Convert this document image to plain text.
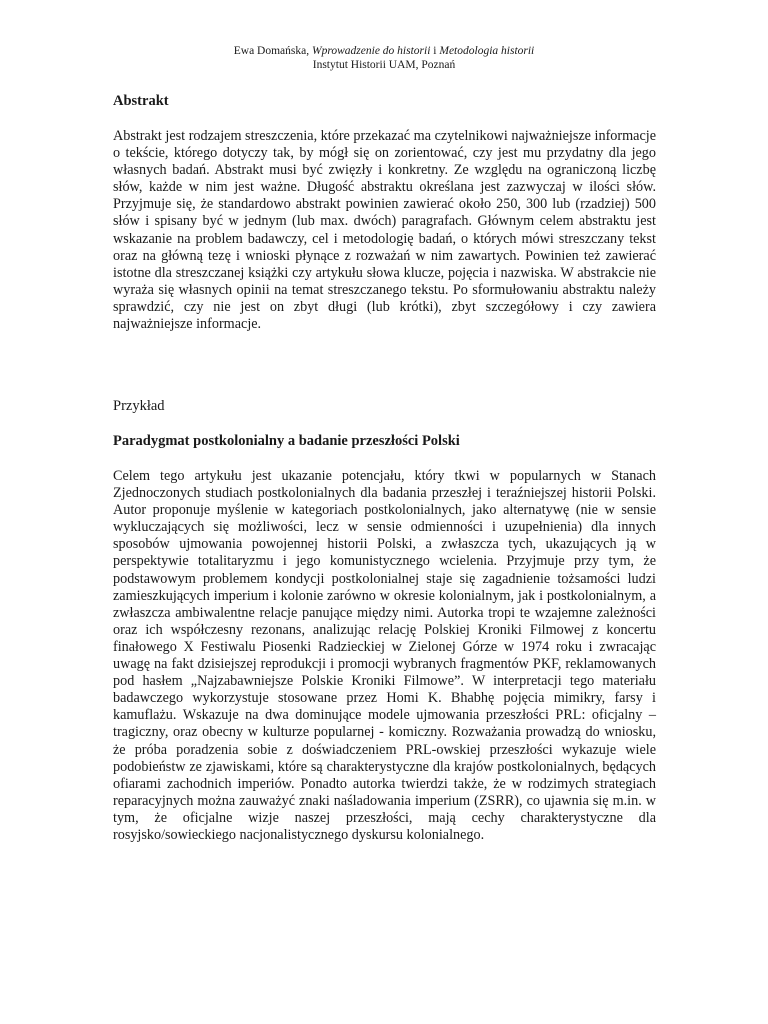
Ewa Domańska, Wprowadzenie do historii i Metodologia historii
Instytut Historii UAM, Poznań
Abstrakt

Abstrakt jest rodzajem streszczenia, które przekazać ma czytelnikowi najważniejsze informacje o tekście, którego dotyczy tak, by mógł się on zorientować, czy jest mu przydatny dla jego własnych badań. Abstrakt musi być zwięzły i konkretny. Ze względu na ograniczoną liczbę słów, każde w nim jest ważne. Długość abstraktu określana jest zazwyczaj w ilości słów. Przyjmuje się, że standardowo abstrakt powinien zawierać około 250, 300 lub (rzadziej) 500 słów i spisany być w jednym (lub max. dwóch) paragrafach. Głównym celem abstraktu jest wskazanie na problem badawczy, cel i metodologię badań, o których mówi streszczany tekst oraz na główną tezę i wnioski płynące z rozważań w nim zawartych. Powinien też zawierać istotne dla streszczanej książki czy artykułu słowa klucze, pojęcia i nazwiska. W abstrakcie nie wyraża się własnych opinii na temat streszczanego tekstu. Po sformułowaniu abstraktu należy sprawdzić, czy nie jest on zbyt długi (lub krótki), zbyt szczegółowy i czy zawiera najważniejsze informacje.

Przykład

Paradygmat postkolonialny a badanie przeszłości Polski

Celem tego artykułu jest ukazanie potencjału, który tkwi w popularnych w Stanach Zjednoczonych studiach postkolonialnych dla badania przeszłej i teraźniejszej historii Polski. Autor proponuje myślenie w kategoriach postkolonialnych, jako alternatywę (nie w sensie wykluczających się możliwości, lecz w sensie odmienności i uzupełnienia) dla innych sposobów ujmowania powojennej historii Polski, a zwłaszcza tych, ukazujących ją w perspektywie totalitaryzmu i jego komunistycznego wcielenia. Przyjmuje przy tym, że podstawowym problemem kondycji postkolonialnej staje się zagadnienie tożsamości ludzi zamieszkujących imperium i kolonie zarówno w okresie kolonialnym, jak i postkolonialnym, a zwłaszcza ambiwalentne relacje panujące między nimi. Autorka tropi te wzajemne zależności oraz ich współczesny rezonans, analizując relację Polskiej Kroniki Filmowej z koncertu finałowego X Festiwalu Piosenki Radzieckiej w Zielonej Górze w 1974 roku i zwracając uwagę na fakt dzisiejszej reprodukcji i promocji wybranych fragmentów PKF, reklamowanych pod hasłem „Najzabawniejsze Polskie Kroniki Filmowe”. W interpretacji tego materiału badawczego wykorzystuje stosowane przez Homi K. Bhabhę pojęcia mimikry, farsy i kamuflażu. Wskazuje na dwa dominujące modele ujmowania przeszłości PRL: oficjalny – tragiczny, oraz obecny w kulturze popularnej - komiczny. Rozważania prowadzą do wniosku, że próba poradzenia sobie z doświadczeniem PRL-owskiej przeszłości wykazuje wiele podobieństw ze zjawiskami, które są charakterystyczne dla krajów postkolonialnych, będących ofiarami zachodnich imperiów. Ponadto autorka twierdzi także, że w rodzimych strategiach reparacyjnych można zauważyć znaki naśladowania imperium (ZSRR), co ujawnia się m.in. w tym, że oficjalne wizje naszej przeszłości, mają cechy charakterystyczne dla rosyjsko/sowieckiego nacjonalistycznego dyskursu kolonialnego.
